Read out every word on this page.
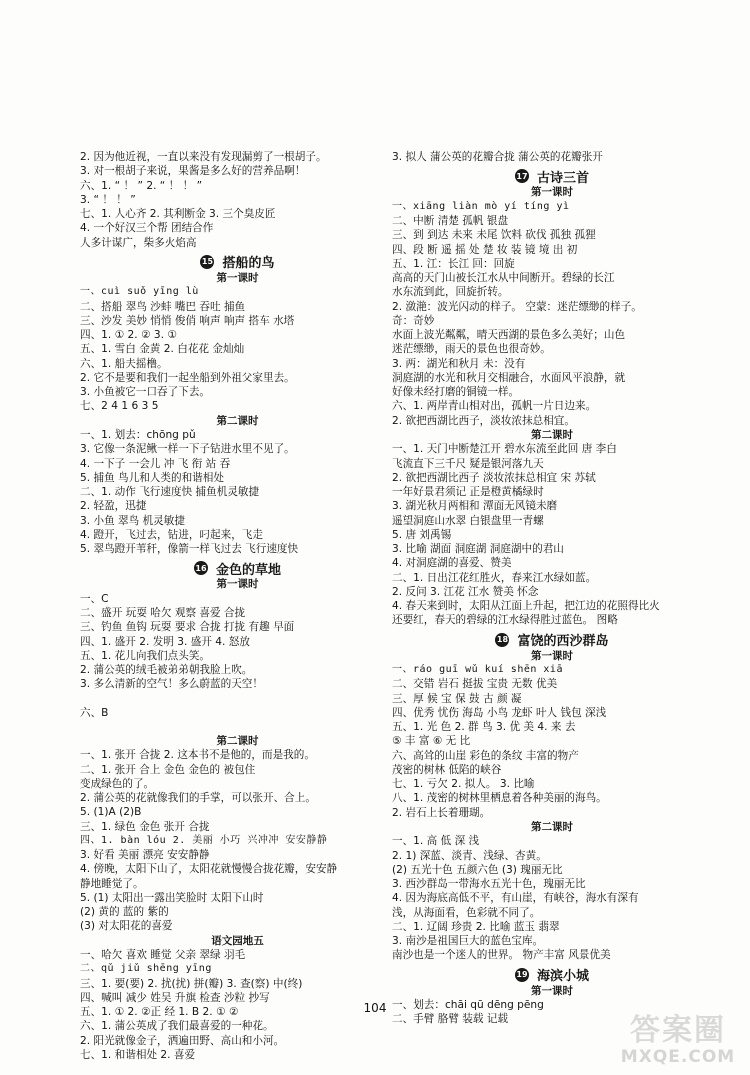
2. 因为他近视，一直以来没有发现漏剪了一根胡子。
3. 对一根胡子来说，果酱是多么好的营养品啊！
六、1. “ ！ ” 2. “ ！ ！ ”
3. “ ！ ！ ”
七、1. 人心齐 2. 其利断金 3. 三个臭皮匠
4. 一个好汉三个帮 团结合作
人多计谋广，柴多火焰高
15 搭船的鸟
第一课时
一、cuì suǒ yīng lù
二、搭船 翠鸟 沙蚌 嘴巴 吞吐 捕鱼
三、沙发 美妙 悄悄 俊俏 响声 响声 搭车 水塔
四、1. ① 2. ② 3. ①
五、1. 雪白 金黄 2. 白花花 金灿灿
六、1. 船夫摇橹。
2. 它不是要和我们一起坐船到外祖父家里去。
3. 小鱼被它一口吞了下去。
七、2 4 1 6 3 5
第二课时
一、1. 划去：chōng pǔ
3. 它像一条泥鳅一样一下子钻进水里不见了。
4. 一下子 一会儿 冲 飞 衔 站 吞
5. 捕鱼 鸟儿和人类的和谐相处
二、1. 动作 飞行速度快 捕鱼机灵敏捷
2. 轻盈，迅捷
3. 小鱼 翠鸟 机灵敏捷
4. 蹬开，飞过去，钻进，叼起来，飞走
5. 翠鸟蹬开苇秆，像箭一样飞过去 飞行速度快
16 金色的草地
第一课时
一、C
二、盛开 玩耍 哈欠 观察 喜爱 合拢
三、钓鱼 鱼钩 玩耍 要求 合拢 打拢 有趣 早面
四、1. 盛开 2. 发明 3. 盛开 4. 怒放
五、1. 花儿向我们点头笑。
2. 蒲公英的绒毛被弟弟朝我脸上吹。
3. 多么清新的空气！多么蔚蓝的天空！
六、B
第二课时
一、1. 张开 合拢 2. 这本书不是他的，而是我的。
二、1. 张开 合上 金色 金色的 被包住
变成绿色的了。
2. 蒲公英的花就像我们的手掌，可以张开、合上。
5. (1)A (2)B
三、1. 绿色 金色 张开 合拢
四、1. bàn lóu 2. 美丽 小巧 兴冲冲 安安静静
3. 好看 美丽 漂亮 安安静静
4. 傍晚，太阳下山了，太阳花就慢慢合拢花瓣，安安静
静地睡觉了。
5. (1) 太阳出一露出笑脸时 太阳下山时
(2) 黄的 蓝的 紫的
(3) 对太阳花的喜爱
语文园地五
一、哈欠 喜欢 睡觉 父亲 翠绿 羽毛
二、qǔ jiǔ shēng yīng
三、1. 要(要) 2. 扰(扰) 拼(瓣) 3. 查(察) 中(终)
四、喊叫 减少 姓吴 升旗 检查 沙粒 抄写
五、1. ① 2. ②正 经 1. B 2. ① ②
六、1. 蒲公英成了我们最喜爱的一种花。
2. 阳光就像金子，洒遍田野、高山和小河。
七、1. 和谐相处 2. 喜爱
3. 拟人 蒲公英的花瓣合拢 蒲公英的花瓣张开
17 古诗三首
第一课时
一、xiāng liàn mò yí tíng yì
二、中断 清楚 孤帆 银盘
三、到 到达 未来 未尾 饮料 砍伐 孤独 孤狸
四、段 断 遥 摇 处 楚 妆 装 镜 境 出 初
五、1. 江：长江 回：回旋
高高的天门山被长江水从中间断开。碧绿的长江
水东流到此，回旋折转。
2. 潋滟：波光闪动的样子。 空蒙：迷茫缥缈的样子。
奇：奇妙
水面上波光粼粼，晴天西湖的景色多么美好；山色
迷茫缥缈，雨天的景色也很奇妙。
3. 两：湖光和秋月 未：没有
洞庭湖的水光和秋月交相融合，水面风平浪静，就
好像未经打磨的铜镜一样。
六、1. 两岸青山相对出，孤帆一片日边来。
2. 欲把西湖比西子，淡妆浓抹总相宜。
第二课时
一、1. 天门中断楚江开 碧水东流至此回 唐 李白
飞流直下三千尺 疑是银河落九天
2. 欲把西湖比西子 淡妆浓抹总相宜 宋 苏轼
一年好景君须记 正是橙黄橘绿时
3. 湖光秋月两相和 潭面无风镜未磨
遥望洞庭山水翠 白银盘里一青螺
5. 唐 刘禹锡
3. 比喻 湖面 洞庭湖 洞庭湖中的君山
4. 对洞庭湖的喜爱、赞美
二、1. 日出江花红胜火，春来江水绿如蓝。
2. 反问 3. 江花 江水 赞美 怀念
4. 春天来到时，太阳从江面上升起，把江边的花照得比火
还要红，春天的碧绿的江水绿得胜过蓝色。 图略
18 富饶的西沙群岛
第一课时
一、ráo guī wǔ kuí shēn xiā
二、交错 岩石 挺拔 宝贵 无数 优美
三、厚 候 宝 保 鼓 古 颜 凝
四、优秀 忧伤 海岛 小鸟 龙虾 叶人 钱包 深浅
五、1. 光 色 2. 群 鸟 3. 优 美 4. 来 去
⑤ 丰 富 ⑥ 无 比
六、高耸的山崖 彩色的条纹 丰富的物产
茂密的树林 低陷的峡谷
七、1. 亏欠 2. 拟人。 3. 比喻
八、1. 茂密的树林里栖息着各种美丽的海鸟。
2. 岩石上长着珊瑚。
第二课时
一、1. 高 低 深 浅
2. 1) 深蓝、淡青、浅绿、杏黄。
(2) 五光十色 五颜六色 (3) 瑰丽无比
3. 西沙群岛一带海水五光十色，瑰丽无比
4. 因为海底高低不平，有山崖，有峡谷，海水有深有
浅，从海面看，色彩就不同了。
二、1. 辽阔 珍贵 2. 比喻 蓝玉 翡翠
3. 南沙是祖国巨大的蓝色宝库。
南沙也是一个迷人的世界。 物产丰富 风景优美
19 海滨小城
第一课时
一、划去：chāi qū dēng pēng
二、手臂 胳臂 装载 记载
104
答案圈
MXQE.COM
